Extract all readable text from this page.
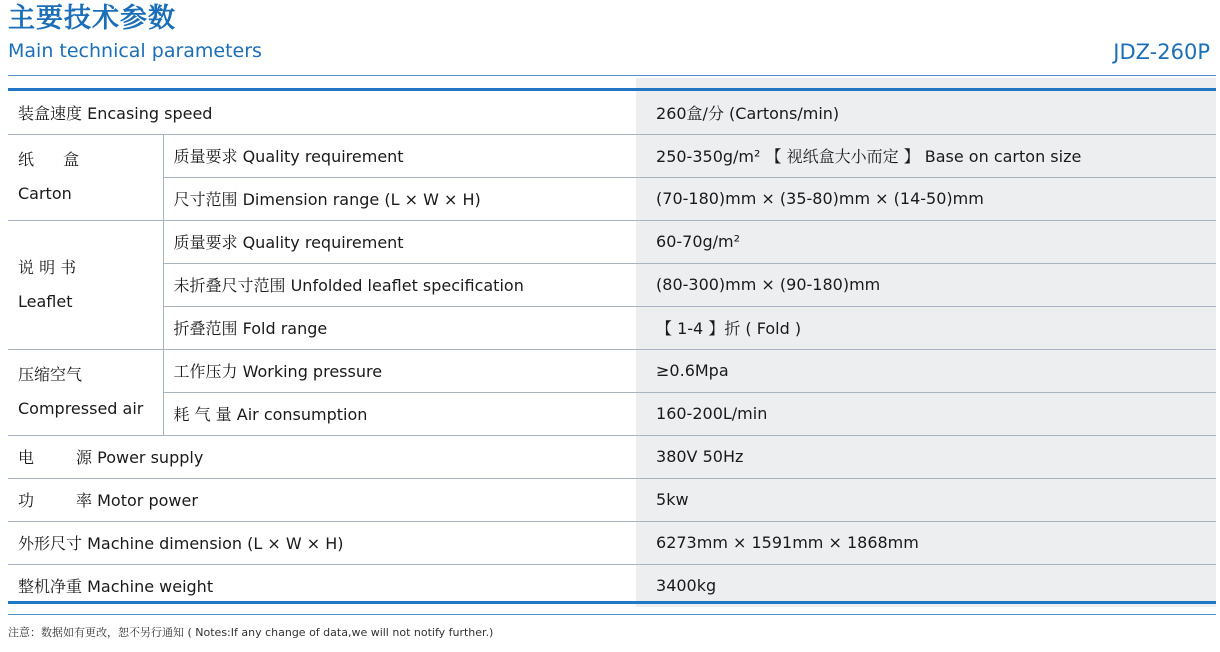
主要技术参数
Main technical parameters	JDZ-260P
装盒速度 Encasing speed		260盒/分 (Cartons/min)

纸 盒
Carton	质量要求 Quality requirement	250-350g/m² 【 视纸盒大小而定 】 Base on carton size
	尺寸范围 Dimension range (L × W × H)	(70-180)mm × (35-80)mm × (14-50)mm

说 明 书
Leaflet	质量要求 Quality requirement	60-70g/m²
	未折叠尺寸范围 Unfolded leaflet specification	(80-300)mm × (90-180)mm
	折叠范围 Fold range	【 1-4 】折 ( Fold )

压缩空气
Compressed air	工作压力 Working pressure	≥0.6Mpa
	耗 气 量 Air consumption	160-200L/min
电 源 Power supply		380V 50Hz
功 率 Motor power		5kw
外形尺寸 Machine dimension (L × W × H)		6273mm × 1591mm × 1868mm
整机净重 Machine weight		3400kg
注意：数据如有更改，恕不另行通知 ( Notes:If any change of data,we will not notify further.)
